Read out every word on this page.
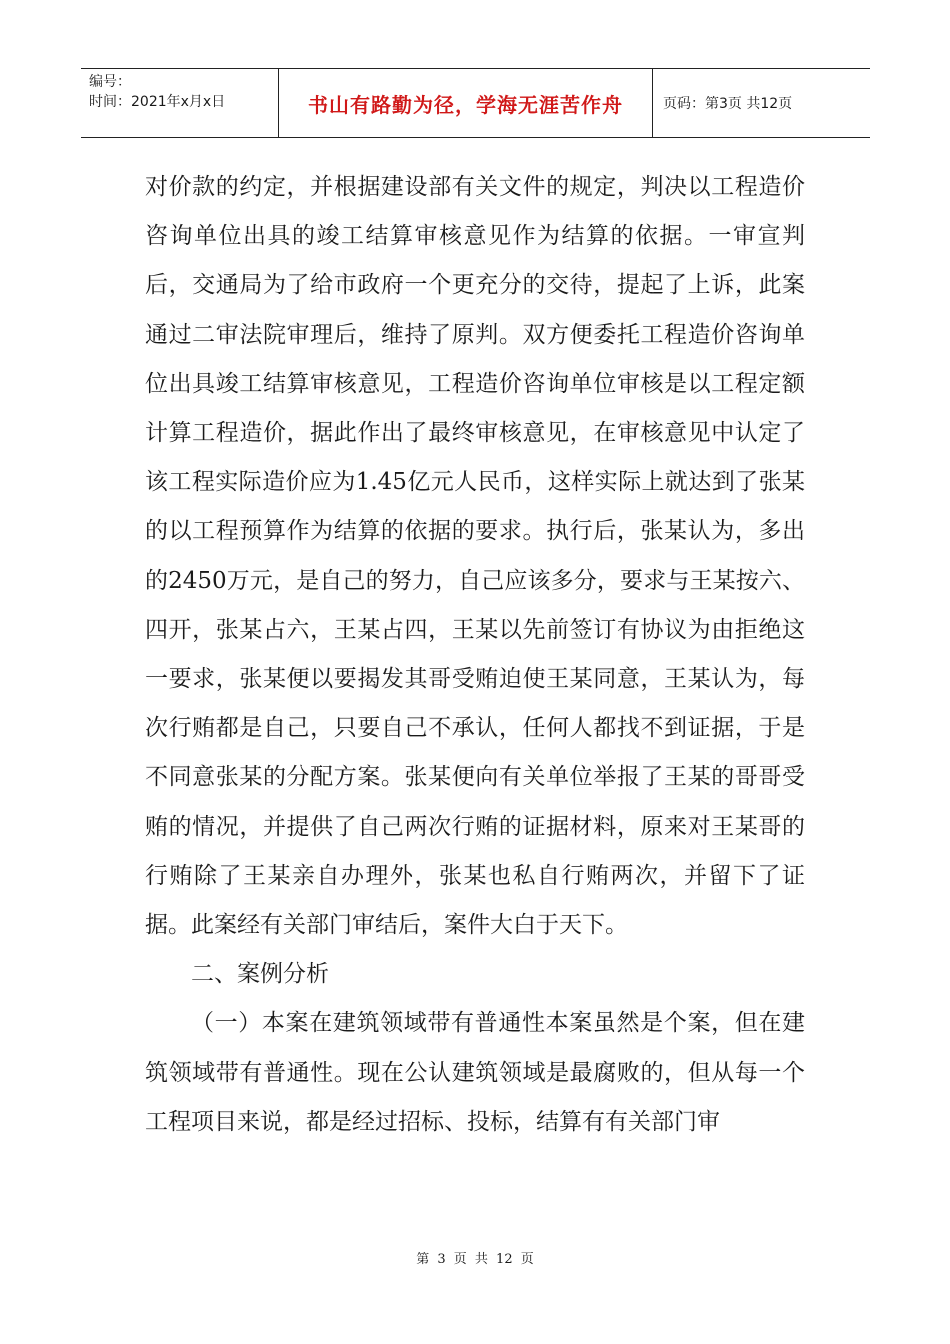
编号：
时间：2021年x月x日	书山有路勤为径，学海无涯苦作舟	页码：第3页 共12页

对价款的约定，并根据建设部有关文件的规定，判决以工程造价咨询单位出具的竣工结算审核意见作为结算的依据。一审宣判后，交通局为了给市政府一个更充分的交待，提起了上诉，此案通过二审法院审理后，维持了原判。双方便委托工程造价咨询单位出具竣工结算审核意见，工程造价咨询单位审核是以工程定额计算工程造价，据此作出了最终审核意见，在审核意见中认定了该工程实际造价应为1.45亿元人民币，这样实际上就达到了张某的以工程预算作为结算的依据的要求。执行后，张某认为，多出的2450万元，是自己的努力，自己应该多分，要求与王某按六、四开，张某占六，王某占四，王某以先前签订有协议为由拒绝这一要求，张某便以要揭发其哥受贿迫使王某同意，王某认为，每次行贿都是自己，只要自己不承认，任何人都找不到证据，于是不同意张某的分配方案。张某便向有关单位举报了王某的哥哥受贿的情况，并提供了自己两次行贿的证据材料，原来对王某哥的行贿除了王某亲自办理外，张某也私自行贿两次，并留下了证据。此案经有关部门审结后，案件大白于天下。

二、案例分析

（一）本案在建筑领域带有普通性本案虽然是个案，但在建筑领域带有普通性。现在公认建筑领域是最腐败的，但从每一个工程项目来说，都是经过招标、投标，结算有有关部门审

第 3 页 共 12 页
